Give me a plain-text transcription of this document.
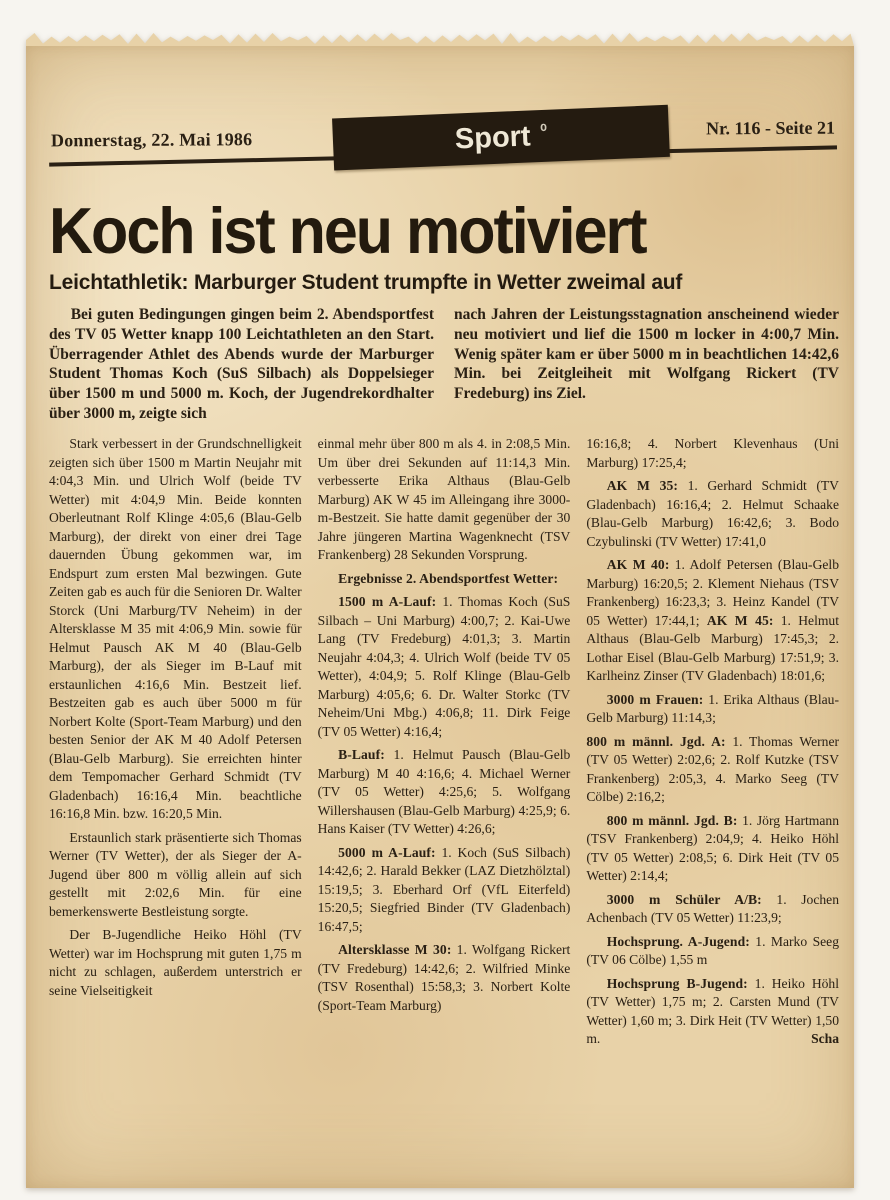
Donnerstag, 22. Mai 1986	Sport ⁰	Nr. 116 - Seite 21
Koch ist neu motiviert
Leichtathletik: Marburger Student trumpfte in Wetter zweimal auf

Bei guten Bedingungen gingen beim 2. Abendsportfest des TV 05 Wetter knapp 100 Leichtathleten an den Start. Überragender Athlet des Abends wurde der Marburger Student Thomas Koch (SuS Silbach) als Doppelsieger über 1500 m und 5000 m. Koch, der Jugendrekordhalter über 3000 m, zeigte sich

nach Jahren der Leistungsstagnation anscheinend wieder neu motiviert und lief die 1500 m locker in 4:00,7 Min. Wenig später kam er über 5000 m in beachtlichen 14:42,6 Min. bei Zeitgleiheit mit Wolfgang Rickert (TV Fredeburg) ins Ziel.

Stark verbessert in der Grundschnelligkeit zeigten sich über 1500 m Martin Neujahr mit 4:04,3 Min. und Ulrich Wolf (beide TV Wetter) mit 4:04,9 Min. Beide konnten Oberleutnant Rolf Klinge 4:05,6 (Blau-Gelb Marburg), der direkt von einer drei Tage dauernden Übung gekommen war, im Endspurt zum ersten Mal bezwingen. Gute Zeiten gab es auch für die Senioren Dr. Walter Storck (Uni Marburg/TV Neheim) in der Altersklasse M 35 mit 4:06,9 Min. sowie für Helmut Pausch AK M 40 (Blau-Gelb Marburg), der als Sieger im B-Lauf mit erstaunlichen 4:16,6 Min. Bestzeit lief. Bestzeiten gab es auch über 5000 m für Norbert Kolte (Sport-Team Marburg) und den besten Senior der AK M 40 Adolf Petersen (Blau-Gelb Marburg). Sie erreichten hinter dem Tempomacher Gerhard Schmidt (TV Gladenbach) 16:16,4 Min. beachtliche 16:16,8 Min. bzw. 16:20,5 Min.

Erstaunlich stark präsentierte sich Thomas Werner (TV Wetter), der als Sieger der A-Jugend über 800 m völlig allein auf sich gestellt mit 2:02,6 Min. für eine bemerkenswerte Bestleistung sorgte.

Der B-Jugendliche Heiko Höhl (TV Wetter) war im Hochsprung mit guten 1,75 m nicht zu schlagen, außerdem unterstrich er seine Vielseitigkeit

einmal mehr über 800 m als 4. in 2:08,5 Min. Um über drei Sekunden auf 11:14,3 Min. verbesserte Erika Althaus (Blau-Gelb Marburg) AK W 45 im Alleingang ihre 3000-m-Bestzeit. Sie hatte damit gegenüber der 30 Jahre jüngeren Martina Wagenknecht (TSV Frankenberg) 28 Sekunden Vorsprung.

Ergebnisse 2. Abendsportfest Wetter:

1500 m A-Lauf: 1. Thomas Koch (SuS Silbach – Uni Marburg) 4:00,7; 2. Kai-Uwe Lang (TV Fredeburg) 4:01,3; 3. Martin Neujahr 4:04,3; 4. Ulrich Wolf (beide TV 05 Wetter), 4:04,9; 5. Rolf Klinge (Blau-Gelb Marburg) 4:05,6; 6. Dr. Walter Storkc (TV Neheim/Uni Mbg.) 4:06,8; 11. Dirk Feige (TV 05 Wetter) 4:16,4;

B-Lauf: 1. Helmut Pausch (Blau-Gelb Marburg) M 40 4:16,6; 4. Michael Werner (TV 05 Wetter) 4:25,6; 5. Wolfgang Willershausen (Blau-Gelb Marburg) 4:25,9; 6. Hans Kaiser (TV Wetter) 4:26,6;

5000 m A-Lauf: 1. Koch (SuS Silbach) 14:42,6; 2. Harald Bekker (LAZ Dietzhölztal) 15:19,5; 3. Eberhard Orf (VfL Eiterfeld) 15:20,5; Siegfried Binder (TV Gladenbach) 16:47,5;

Altersklasse M 30: 1. Wolfgang Rickert (TV Fredeburg) 14:42,6; 2. Wilfried Minke (TSV Rosenthal) 15:58,3; 3. Norbert Kolte (Sport-Team Marburg)

16:16,8; 4. Norbert Klevenhaus (Uni Marburg) 17:25,4;

AK M 35: 1. Gerhard Schmidt (TV Gladenbach) 16:16,4; 2. Helmut Schaake (Blau-Gelb Marburg) 16:42,6; 3. Bodo Czybulinski (TV Wetter) 17:41,0

AK M 40: 1. Adolf Petersen (Blau-Gelb Marburg) 16:20,5; 2. Klement Niehaus (TSV Frankenberg) 16:23,3; 3. Heinz Kandel (TV 05 Wetter) 17:44,1; AK M 45: 1. Helmut Althaus (Blau-Gelb Marburg) 17:45,3; 2. Lothar Eisel (Blau-Gelb Marburg) 17:51,9; 3. Karlheinz Zinser (TV Gladenbach) 18:01,6;

3000 m Frauen: 1. Erika Althaus (Blau-Gelb Marburg) 11:14,3;

800 m männl. Jgd. A: 1. Thomas Werner (TV 05 Wetter) 2:02,6; 2. Rolf Kutzke (TSV Frankenberg) 2:05,3, 4. Marko Seeg (TV Cölbe) 2:16,2;

800 m männl. Jgd. B: 1. Jörg Hartmann (TSV Frankenberg) 2:04,9; 4. Heiko Höhl (TV 05 Wetter) 2:08,5; 6. Dirk Heit (TV 05 Wetter) 2:14,4;

3000 m Schüler A/B: 1. Jochen Achenbach (TV 05 Wetter) 11:23,9;

Hochsprung. A-Jugend: 1. Marko Seeg (TV 06 Cölbe) 1,55 m

Hochsprung B-Jugend: 1. Heiko Höhl (TV Wetter) 1,75 m; 2. Carsten Mund (TV Wetter) 1,60 m; 3. Dirk Heit (TV Wetter) 1,50 m.	Scha
